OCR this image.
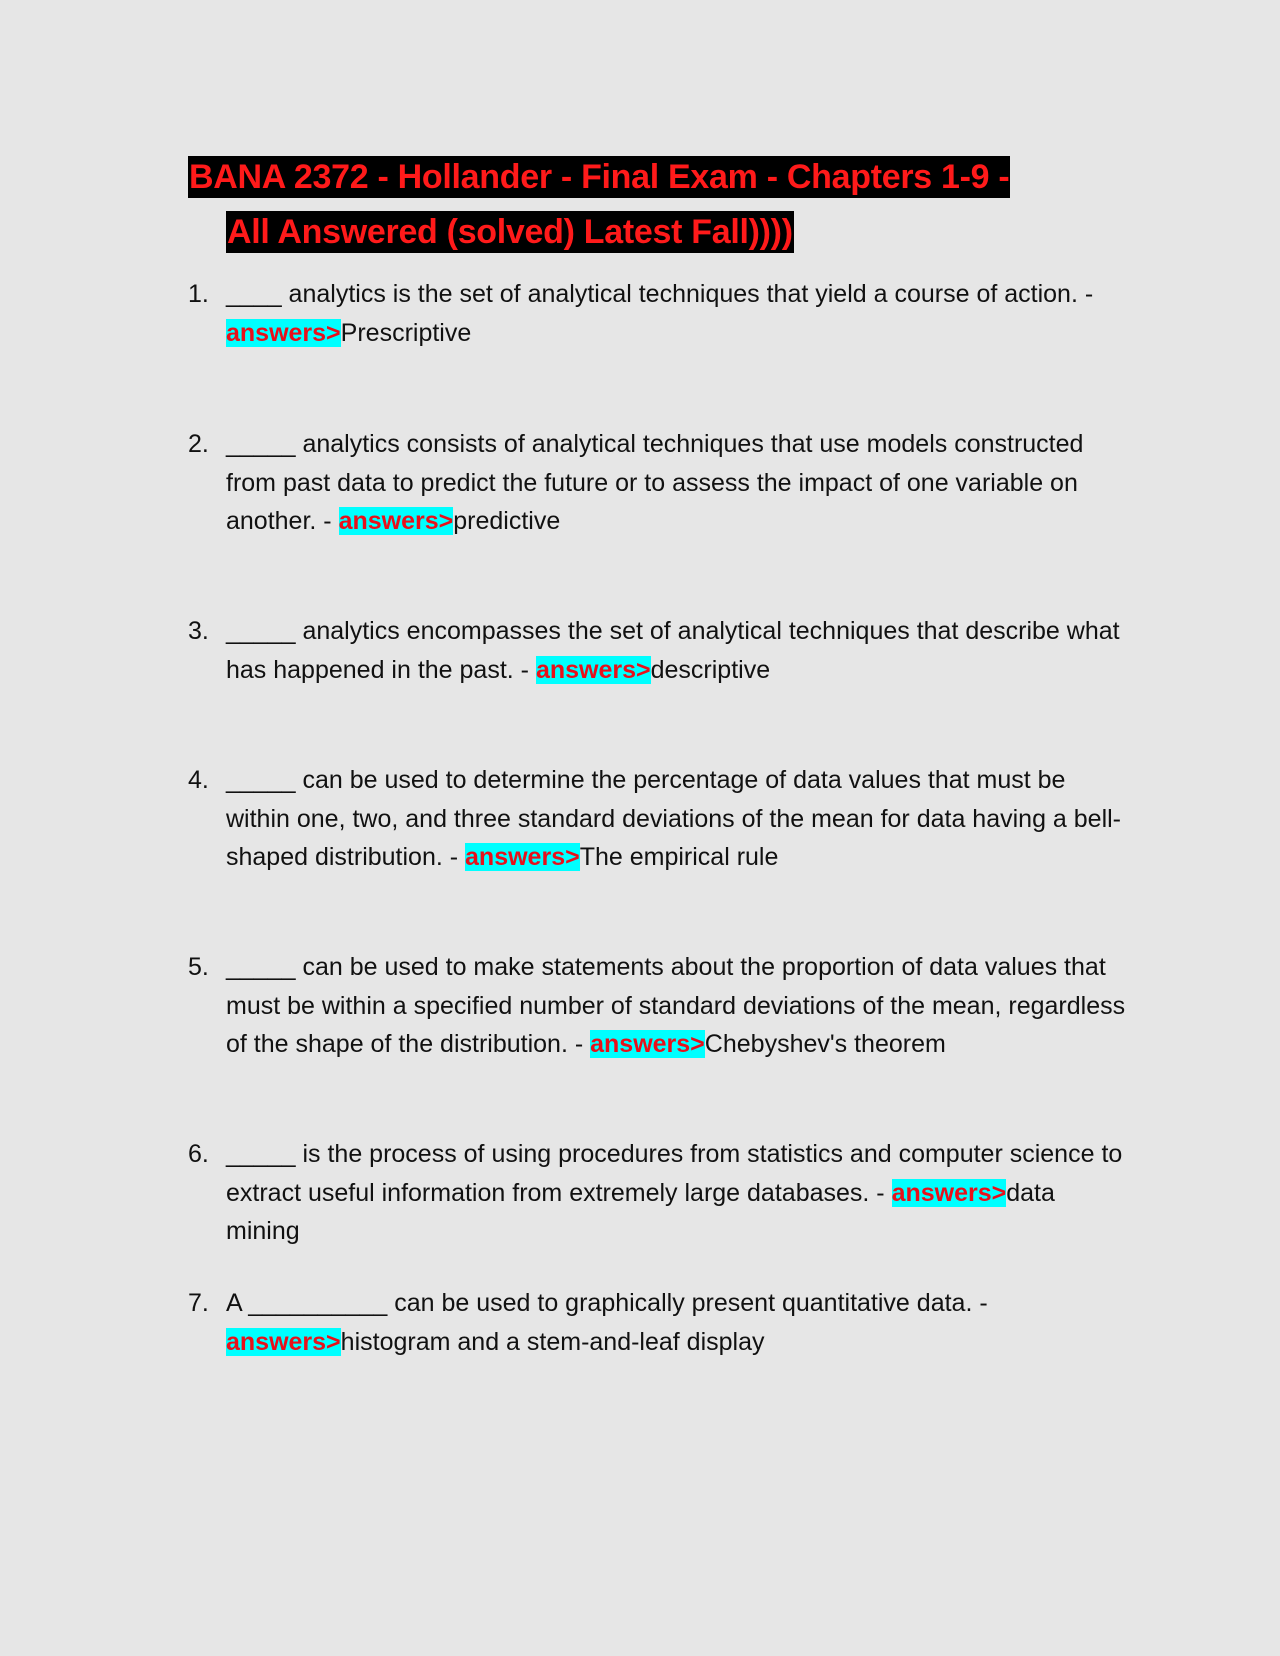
BANA 2372 - Hollander - Final Exam - Chapters 1-9 -
All Answered (solved) Latest Fall))))
1. ____ analytics is the set of analytical techniques that yield a course of action. - answers>Prescriptive
2. _____ analytics consists of analytical techniques that use models constructed from past data to predict the future or to assess the impact of one variable on another. - answers>predictive
3. _____ analytics encompasses the set of analytical techniques that describe what has happened in the past. - answers>descriptive
4. _____ can be used to determine the percentage of data values that must be within one, two, and three standard deviations of the mean for data having a bell-shaped distribution. - answers>The empirical rule
5. _____ can be used to make statements about the proportion of data values that must be within a specified number of standard deviations of the mean, regardless of the shape of the distribution. - answers>Chebyshev's theorem
6. _____ is the process of using procedures from statistics and computer science to extract useful information from extremely large databases. - answers>data mining
7. A __________ can be used to graphically present quantitative data. - answers>histogram and a stem-and-leaf display
